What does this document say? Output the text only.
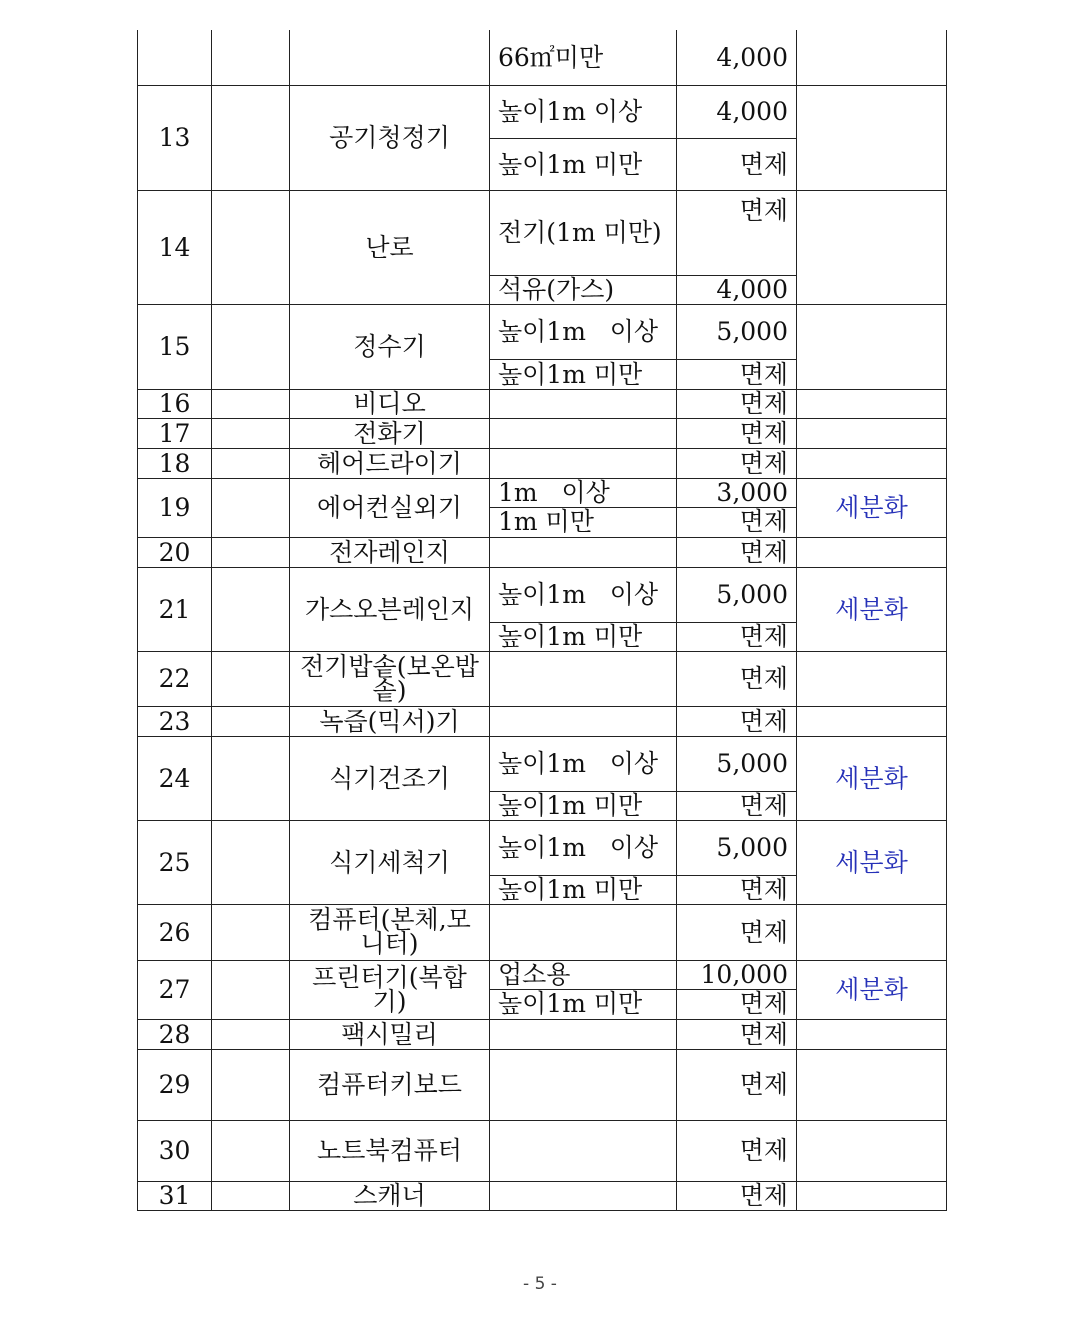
			66㎡미만	4,000	
13		공기청정기	높이1m 이상	4,000	
			높이1m 미만	면제	
14		난로	전기(1m 미만)	면제	
			석유(가스)	4,000	
15		정수기	높이1m   이상	5,000	
			높이1m 미만	면제	
16		비디오		면제	
17		전화기		면제	
18		헤어드라이기		면제	
19		에어컨실외기	1m   이상	3,000	세분화
			1m 미만	면제	
20		전자레인지		면제	
21		가스오븐레인지	높이1m   이상	5,000	세분화
			높이1m 미만	면제	
22		전기밥솥(보온밥솥)		면제	
23		녹즙(믹서)기		면제	
24		식기건조기	높이1m   이상	5,000	세분화
			높이1m 미만	면제	
25		식기세척기	높이1m   이상	5,000	세분화
			높이1m 미만	면제	
26		컴퓨터(본체,모니터)		면제	
27		프린터기(복합기)	업소용	10,000	세분화
			높이1m 미만	면제	
28		팩시밀리		면제	
29		컴퓨터키보드		면제	
30		노트북컴퓨터		면제	
31		스캐너		면제	
- 5 -
